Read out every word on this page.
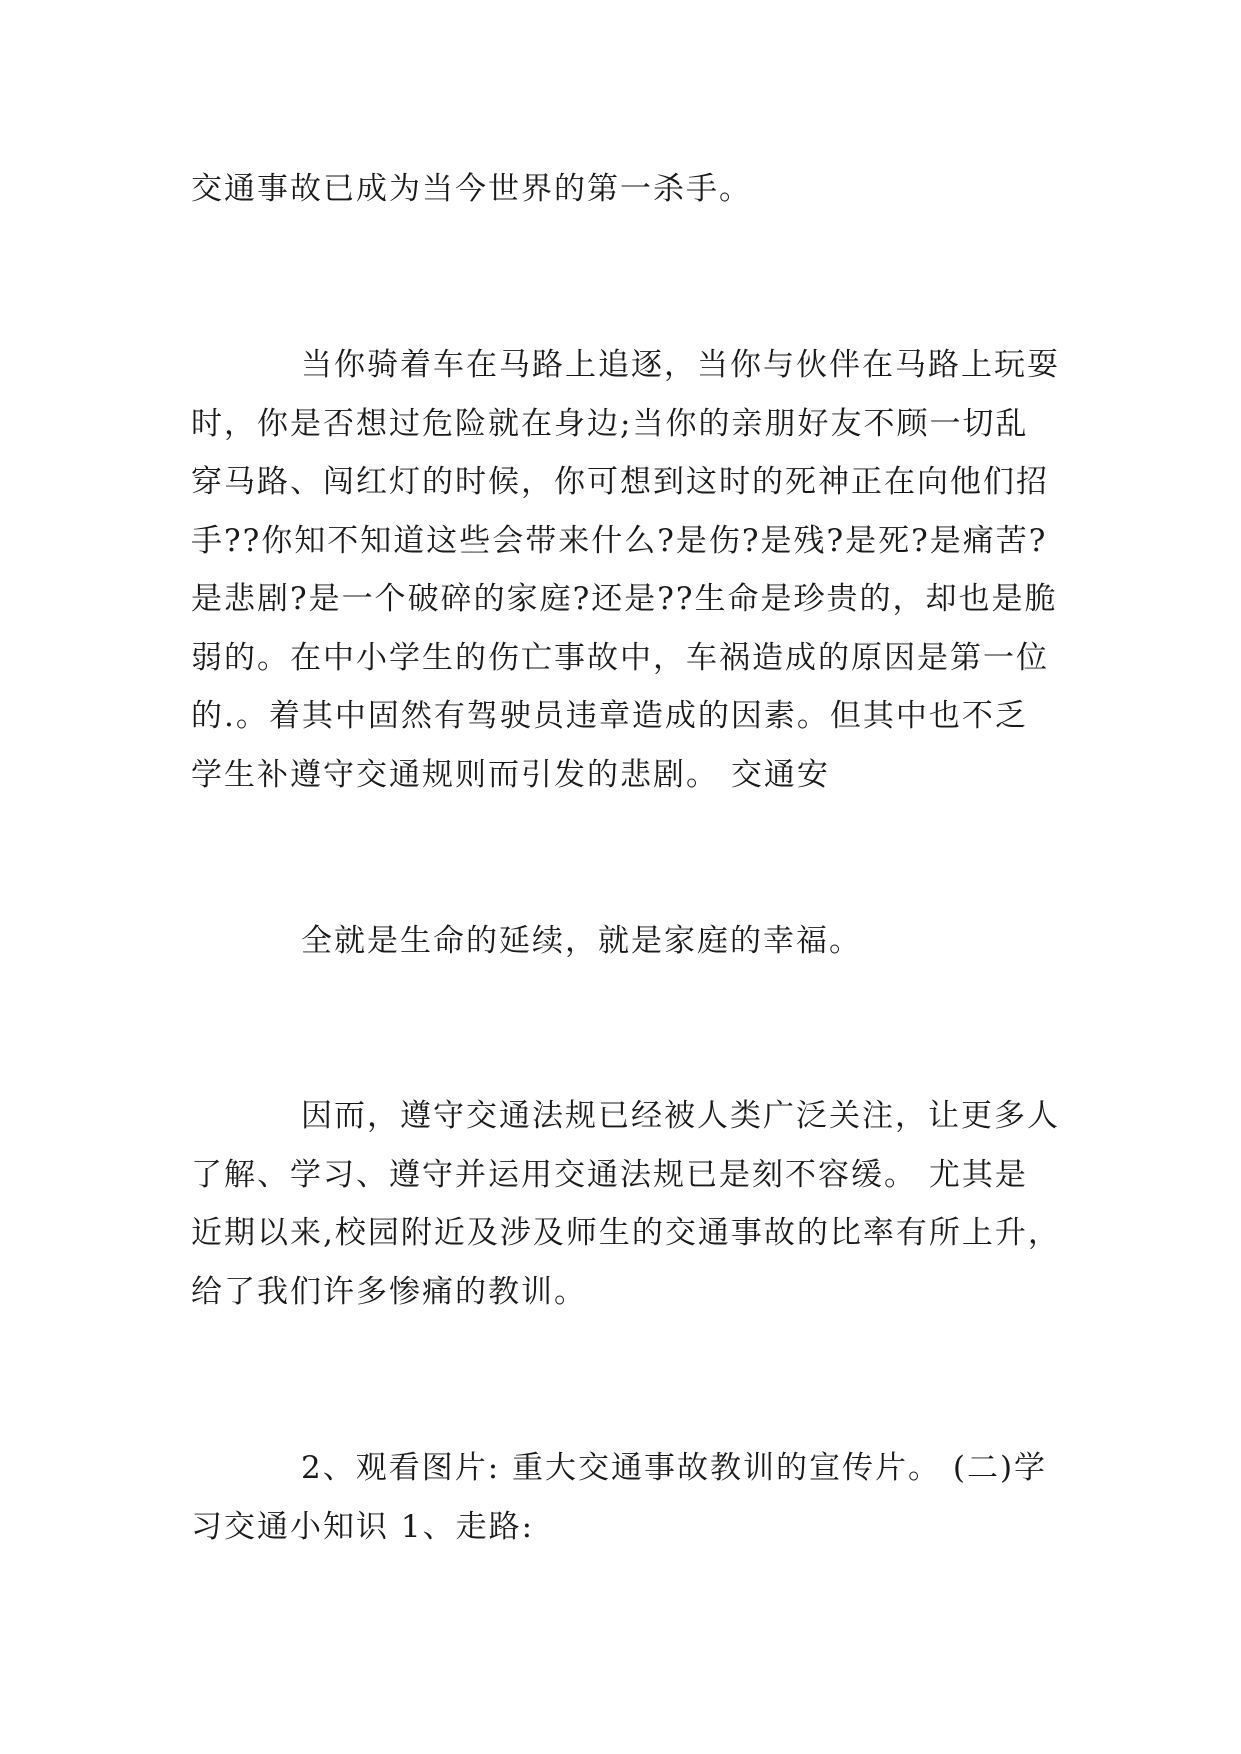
交通事故已成为当今世界的第一杀手。

当你骑着车在马路上追逐，当你与伙伴在马路上玩耍
时，你是否想过危险就在身边;当你的亲朋好友不顾一切乱
穿马路、闯红灯的时候，你可想到这时的死神正在向他们招
手??你知不知道这些会带来什么?是伤?是残?是死?是痛苦?
是悲剧?是一个破碎的家庭?还是??生命是珍贵的，却也是脆
弱的。在中小学生的伤亡事故中，车祸造成的原因是第一位
的.。着其中固然有驾驶员违章造成的因素。但其中也不乏
学生补遵守交通规则而引发的悲剧。 交通安

全就是生命的延续，就是家庭的幸福。

因而，遵守交通法规已经被人类广泛关注，让更多人
了解、学习、遵守并运用交通法规已是刻不容缓。 尤其是
近期以来,校园附近及涉及师生的交通事故的比率有所上升，
给了我们许多惨痛的教训。

2、观看图片: 重大交通事故教训的宣传片。 (二)学
习交通小知识 1、走路:
